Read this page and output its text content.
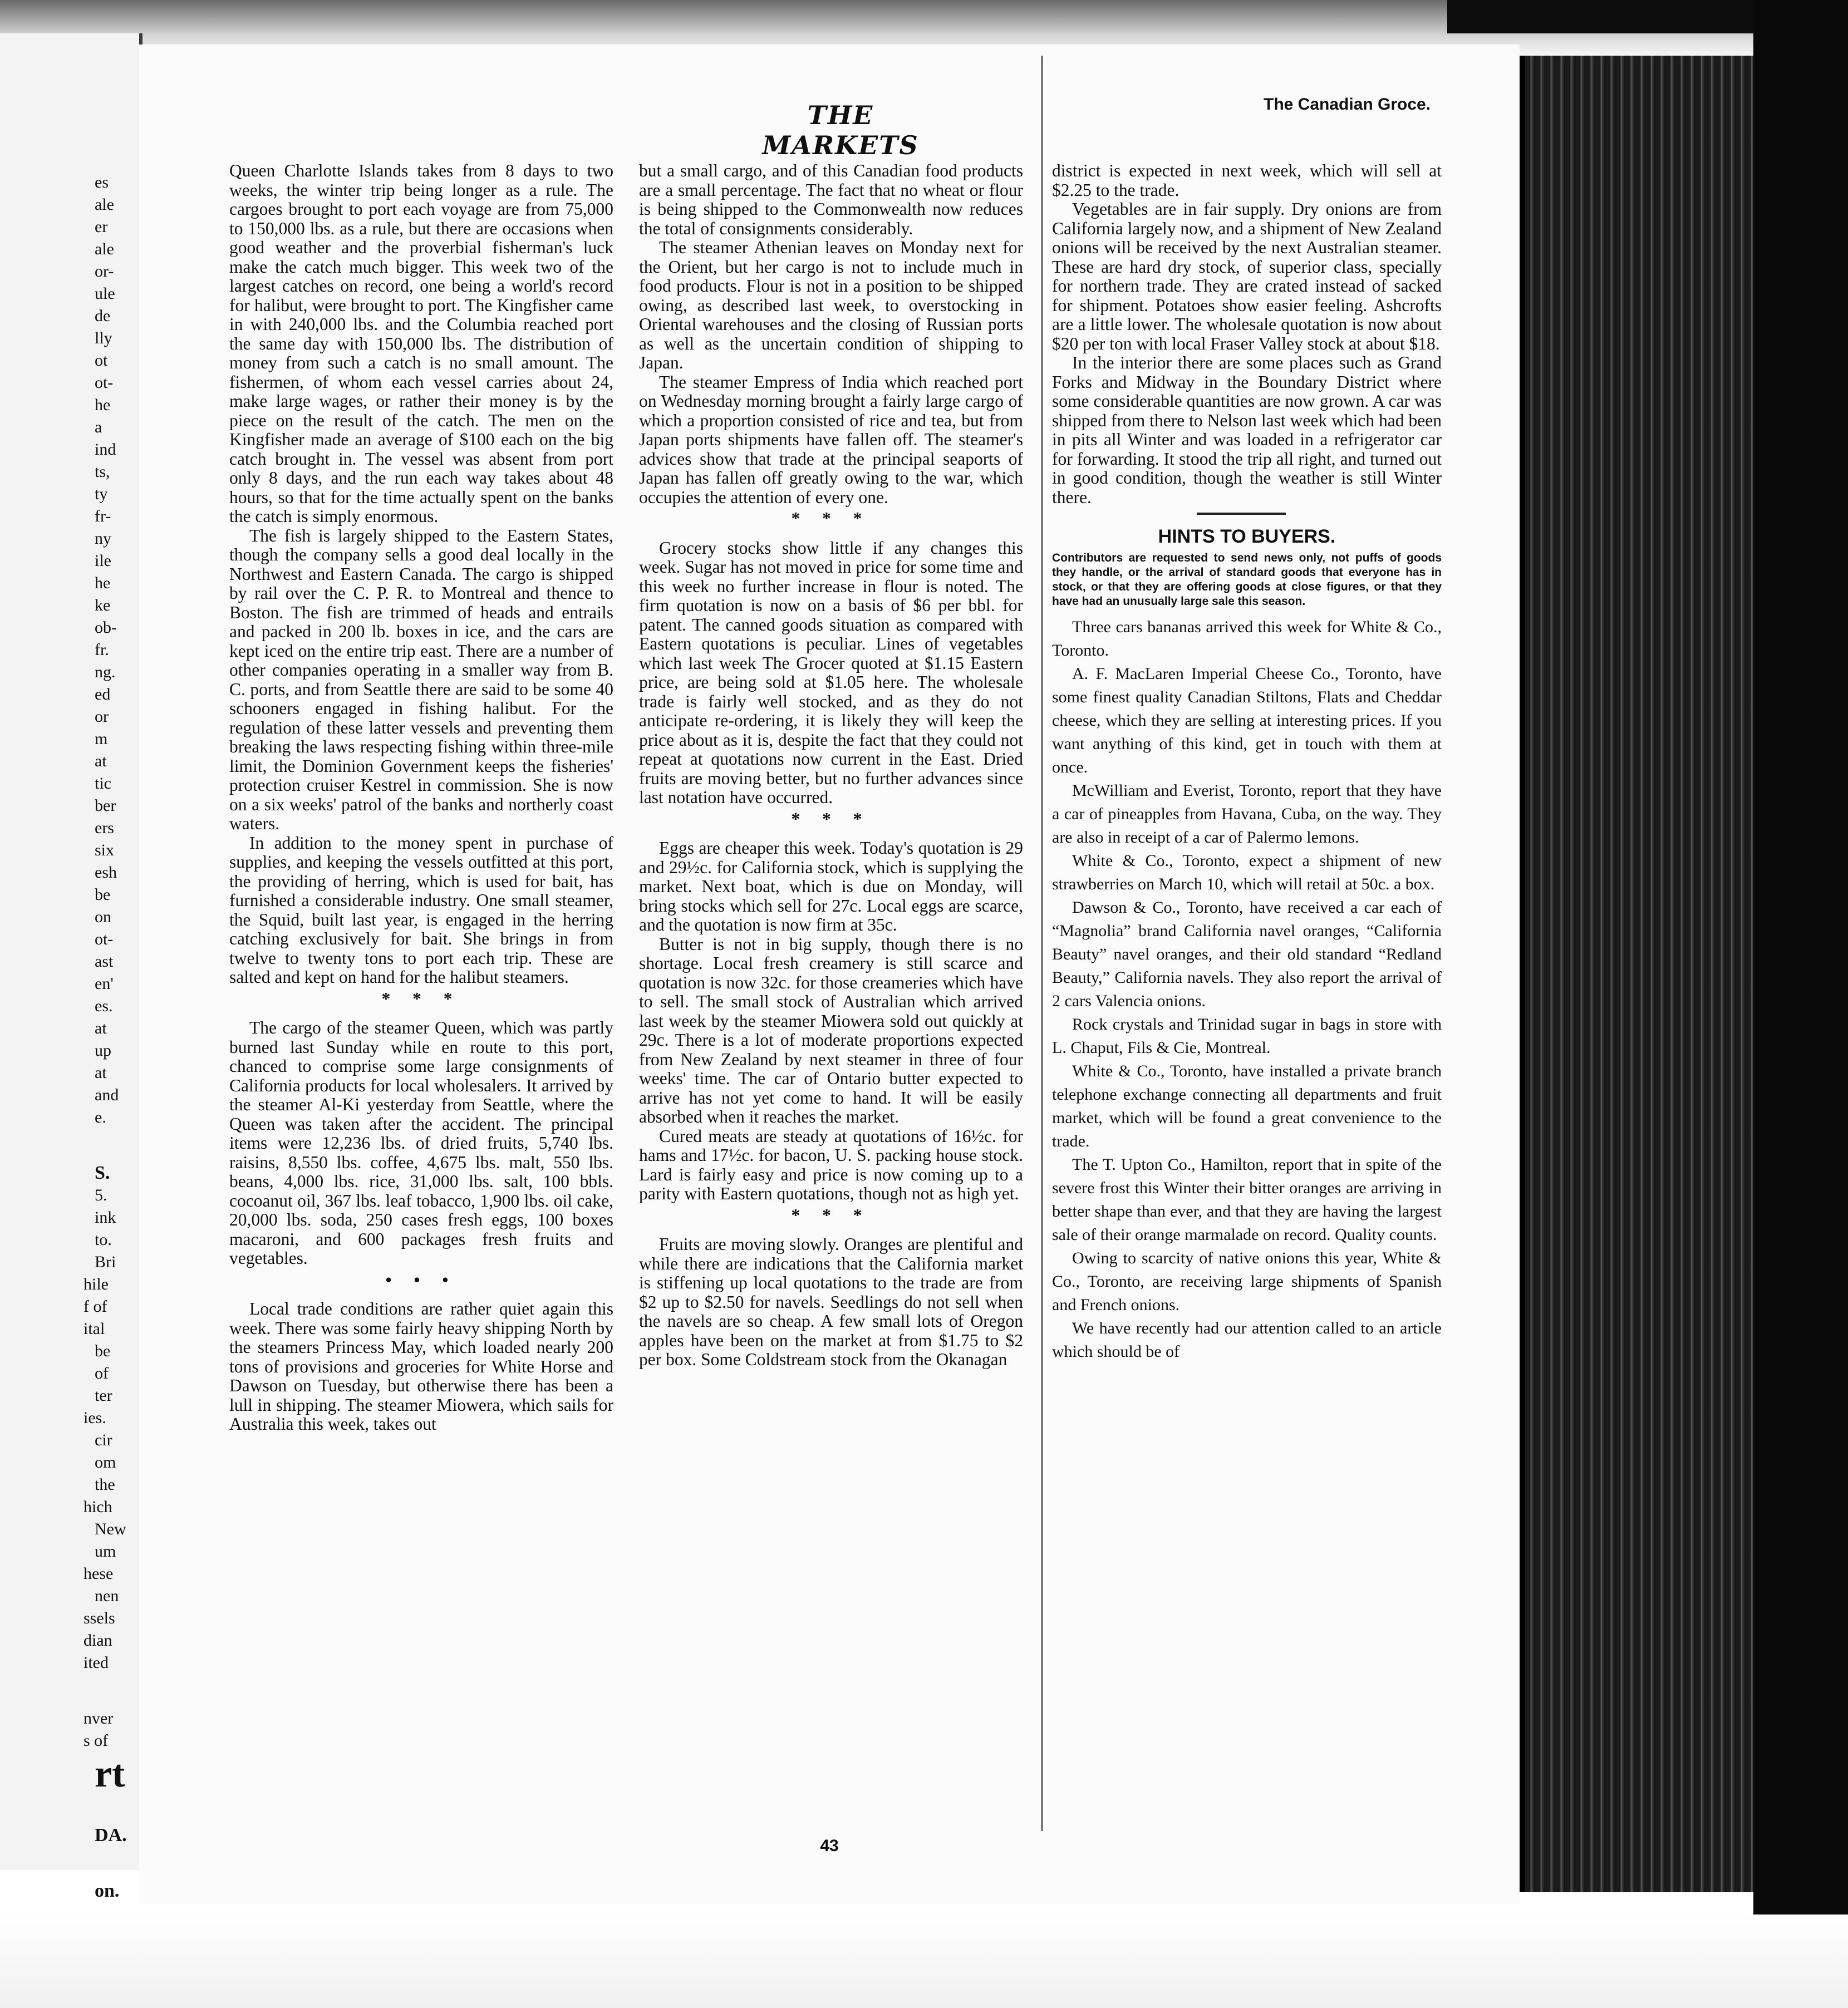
es
ale
er
ale
or-
ule
de
lly
ot
ot-
he
a
ind
ts,
ty
fr-
ny
ile
he
ke
ob-
fr.
ng.
ed
or
m
at
tic
ber
ers
six
esh
be
on
ot-
ast
en'
es.
at
up
at
and
e.
S.
5.
ink
to.
Bri
hile
f of
ital
be
of
ter
ies.
cir
om
the
hich
New
um
hese
nen
ssels
dian
ited
nver
s of
rt
DA.
on.
THE MARKETS
The Canadian Groce.

Queen Charlotte Islands takes from 8 days to two weeks, the winter trip being longer as a rule. The cargoes brought to port each voyage are from 75,000 to 150,000 lbs. as a rule, but there are occasions when good weather and the proverbial fisherman's luck make the catch much bigger. This week two of the largest catches on record, one being a world's record for halibut, were brought to port. The Kingfisher came in with 240,000 lbs. and the Columbia reached port the same day with 150,000 lbs. The distribution of money from such a catch is no small amount. The fishermen, of whom each vessel carries about 24, make large wages, or rather their money is by the piece on the result of the catch. The men on the Kingfisher made an average of $100 each on the big catch brought in. The vessel was absent from port only 8 days, and the run each way takes about 48 hours, so that for the time actually spent on the banks the catch is simply enormous.

The fish is largely shipped to the Eastern States, though the company sells a good deal locally in the Northwest and Eastern Canada. The cargo is shipped by rail over the C. P. R. to Montreal and thence to Boston. The fish are trimmed of heads and entrails and packed in 200 lb. boxes in ice, and the cars are kept iced on the entire trip east. There are a number of other companies operating in a smaller way from B. C. ports, and from Seattle there are said to be some 40 schooners engaged in fishing halibut. For the regulation of these latter vessels and preventing them breaking the laws respecting fishing within three-mile limit, the Dominion Government keeps the fisheries' protection cruiser Kestrel in commission. She is now on a six weeks' patrol of the banks and northerly coast waters.

In addition to the money spent in purchase of supplies, and keeping the vessels outfitted at this port, the providing of herring, which is used for bait, has furnished a considerable industry. One small steamer, the Squid, built last year, is engaged in the herring catching exclusively for bait. She brings in from twelve to twenty tons to port each trip. These are salted and kept on hand for the halibut steamers.

* * *

The cargo of the steamer Queen, which was partly burned last Sunday while en route to this port, chanced to comprise some large consignments of California products for local wholesalers. It arrived by the steamer Al-Ki yesterday from Seattle, where the Queen was taken after the accident. The principal items were 12,236 lbs. of dried fruits, 5,740 lbs. raisins, 8,550 lbs. coffee, 4,675 lbs. malt, 550 lbs. beans, 4,000 lbs. rice, 31,000 lbs. salt, 100 bbls. cocoanut oil, 367 lbs. leaf tobacco, 1,900 lbs. oil cake, 20,000 lbs. soda, 250 cases fresh eggs, 100 boxes macaroni, and 600 packages fresh fruits and vegetables.

• • •

Local trade conditions are rather quiet again this week. There was some fairly heavy shipping North by the steamers Princess May, which loaded nearly 200 tons of provisions and groceries for White Horse and Dawson on Tuesday, but otherwise there has been a lull in shipping. The steamer Miowera, which sails for Australia this week, takes out

but a small cargo, and of this Canadian food products are a small percentage. The fact that no wheat or flour is being shipped to the Commonwealth now reduces the total of consignments considerably.

The steamer Athenian leaves on Monday next for the Orient, but her cargo is not to include much in food products. Flour is not in a position to be shipped owing, as described last week, to overstocking in Oriental warehouses and the closing of Russian ports as well as the uncertain condition of shipping to Japan.

The steamer Empress of India which reached port on Wednesday morning brought a fairly large cargo of which a proportion consisted of rice and tea, but from Japan ports shipments have fallen off. The steamer's advices show that trade at the principal seaports of Japan has fallen off greatly owing to the war, which occupies the attention of every one.

* * *

Grocery stocks show little if any changes this week. Sugar has not moved in price for some time and this week no further increase in flour is noted. The firm quotation is now on a basis of $6 per bbl. for patent. The canned goods situation as compared with Eastern quotations is peculiar. Lines of vegetables which last week The Grocer quoted at $1.15 Eastern price, are being sold at $1.05 here. The wholesale trade is fairly well stocked, and as they do not anticipate re-ordering, it is likely they will keep the price about as it is, despite the fact that they could not repeat at quotations now current in the East. Dried fruits are moving better, but no further advances since last notation have occurred.

* * *

Eggs are cheaper this week. Today's quotation is 29 and 29½c. for California stock, which is supplying the market. Next boat, which is due on Monday, will bring stocks which sell for 27c. Local eggs are scarce, and the quotation is now firm at 35c.

Butter is not in big supply, though there is no shortage. Local fresh creamery is still scarce and quotation is now 32c. for those creameries which have to sell. The small stock of Australian which arrived last week by the steamer Miowera sold out quickly at 29c. There is a lot of moderate proportions expected from New Zealand by next steamer in three of four weeks' time. The car of Ontario butter expected to arrive has not yet come to hand. It will be easily absorbed when it reaches the market.

Cured meats are steady at quotations of 16½c. for hams and 17½c. for bacon, U. S. packing house stock. Lard is fairly easy and price is now coming up to a parity with Eastern quotations, though not as high yet.

* * *

Fruits are moving slowly. Oranges are plentiful and while there are indications that the California market is stiffening up local quotations to the trade are from $2 up to $2.50 for navels. Seedlings do not sell when the navels are so cheap. A few small lots of Oregon apples have been on the market at from $1.75 to $2 per box. Some Coldstream stock from the Okanagan

district is expected in next week, which will sell at $2.25 to the trade.

Vegetables are in fair supply. Dry onions are from California largely now, and a shipment of New Zealand onions will be received by the next Australian steamer. These are hard dry stock, of superior class, specially for northern trade. They are crated instead of sacked for shipment. Potatoes show easier feeling. Ashcrofts are a little lower. The wholesale quotation is now about $20 per ton with local Fraser Valley stock at about $18.

In the interior there are some places such as Grand Forks and Midway in the Boundary District where some considerable quantities are now grown. A car was shipped from there to Nelson last week which had been in pits all Winter and was loaded in a refrigerator car for forwarding. It stood the trip all right, and turned out in good condition, though the weather is still Winter there.

HINTS TO BUYERS.
Contributors are requested to send news only, not puffs of goods they handle, or the arrival of standard goods that everyone has in stock, or that they are offering goods at close figures, or that they have had an unusually large sale this season.

Three cars bananas arrived this week for White & Co., Toronto.

A. F. MacLaren Imperial Cheese Co., Toronto, have some finest quality Canadian Stiltons, Flats and Cheddar cheese, which they are selling at interesting prices. If you want anything of this kind, get in touch with them at once.

McWilliam and Everist, Toronto, report that they have a car of pineapples from Havana, Cuba, on the way. They are also in receipt of a car of Palermo lemons.

White & Co., Toronto, expect a shipment of new strawberries on March 10, which will retail at 50c. a box.

Dawson & Co., Toronto, have received a car each of “Magnolia” brand California navel oranges, “California Beauty” navel oranges, and their old standard “Redland Beauty,” California navels. They also report the arrival of 2 cars Valencia onions.

Rock crystals and Trinidad sugar in bags in store with L. Chaput, Fils & Cie, Montreal.

White & Co., Toronto, have installed a private branch telephone exchange connecting all departments and fruit market, which will be found a great convenience to the trade.

The T. Upton Co., Hamilton, report that in spite of the severe frost this Winter their bitter oranges are arriving in better shape than ever, and that they are having the largest sale of their orange marmalade on record. Quality counts.

Owing to scarcity of native onions this year, White & Co., Toronto, are receiving large shipments of Spanish and French onions.

We have recently had our attention called to an article which should be of

43
